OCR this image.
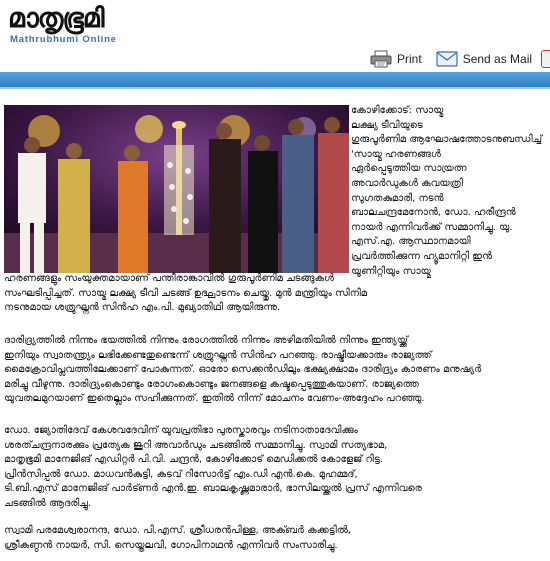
മാതൃഭൂമി
Mathrubhumi Online
Print	Send as Mail
കോഴിക്കോട്: സായ്മ
ലക്ഷ്യ ടീവിയുടെ
ഗുരുപൂർണിമ ആഘോഷത്തോടനുബന്ധിച്ച്
'സായ്മ ഹരണങ്ങൾ
ഏർപ്പെടുത്തിയ സായ്രത്ന
അവാർഡുകൾ കവയത്രി
സുഗതകുമാരി, നടൻ
ബാലചന്ദ്രമേനോൻ, ഡോ. ഹരീന്ദ്രൻ
നായർ എന്നിവർക്ക് സമ്മാനിച്ചു. യു.
എസ്.എ. ആസ്ഥാനമായി
പ്രവർത്തിക്കുന്ന ഹ്യൂമാനിറ്റി ഇൻ
യൂണിറ്റിയും സായ്മ
ഹരണങ്ങളും സംയുക്തമായാണ് പന്തീരാങ്കാവിൽ ഗുരുപൂർണിമ ചടങ്ങുകൾ
സംഘടിപ്പിച്ചത്. സായ്മ ലക്ഷ്യ ടീവി ചടങ്ങ് ഉദ്ഘാടനം ചെയ്തു. മുൻ മന്ത്രിയും സിനിമ
നടനുമായ ശത്രുഘ്നൻ സിൻഹ എം.പി. മുഖ്യാതിഥി ആയിരുന്നു.
ദാരിദ്ര്യത്തിൽ നിന്നും ഭയത്തിൽ നിന്നും രോഗത്തിൽ നിന്നും അഴിമതിയിൽ നിന്നും ഇന്ത്യയ്ക്ക്
ഇനിയും സ്വാതന്ത്ര്യം ലഭിക്കേണ്ടതുണ്ടെന്ന് ശത്രുഘ്നൻ സിൻഹ പറഞ്ഞു. രാഷ്ട്രീയക്കാരും രാജ്യത്ത്
മൈക്രോവിപ്ലവത്തിലേക്കാണ് പോകുന്നത്. ഓരോ സെക്കൻഡിലും ഭക്ഷ്യക്ഷാമം ദാരിദ്ര്യം കാരണം മനുഷ്യർ
മരിച്ചു വീഴുന്നു. ദാരിദ്ര്യംകൊണ്ടും രോഗംകൊണ്ടും ജനങ്ങളെ കഷ്ടപ്പെടുത്തുകയാണ്. രാജ്യത്തെ
യുവതലമുറയാണ് ഇതെല്ലാം സഹിക്കുന്നത്. ഇതിൽ നിന്ന് മോചനം വേണം-അദ്ദേഹം പറഞ്ഞു.
ഡോ. ജ്യോതിദേവ് കേശവദേവിന് യുവപ്രതിഭാ പുരസ്കാരവും നടിനാതാദേവിക്കും
ശരത്ചന്ദ്രനാരക്കും പ്രത്യേക ജൂറി അവാർഡും ചടങ്ങിൽ സമ്മാനിച്ചു. സ്വാമി സത്യഭാമ,
മാതൃഭൂമി മാനേജിങ് എഡിറ്റർ പി.വി. ചന്ദ്രൻ, കോഴിക്കോട് മെഡിക്കൽ കോളേജ് റിട്ട.
പ്രിൻസിപ്പൽ ഡോ. മാധവൻകുട്ടി, കടവ് റിസോർട്ട് എം.ഡി എൻ.കെ. മുഹമ്മദ്,
ടി.ബി.എസ് മാനേജിങ് പാർട്ണർ എൻ.ഇ. ബാലകൃഷ്ണമാരാർ, ഭാസിലയ്ക്കൽ പ്രസ് എന്നിവരെ
ചടങ്ങിൽ ആദരിച്ചു.
സ്വാമി പരമേശ്വരാനന്ദ, ഡോ. പി.എസ്. ശ്രീധരൻപിള്ള, അക്ബർ കക്കട്ടിൽ,
ശ്രീകണ്ഠൻ നായർ, സി. സെയ്തലവി, ഗോപിനാഥൻ എന്നിവർ സംസാരിച്ചു.
